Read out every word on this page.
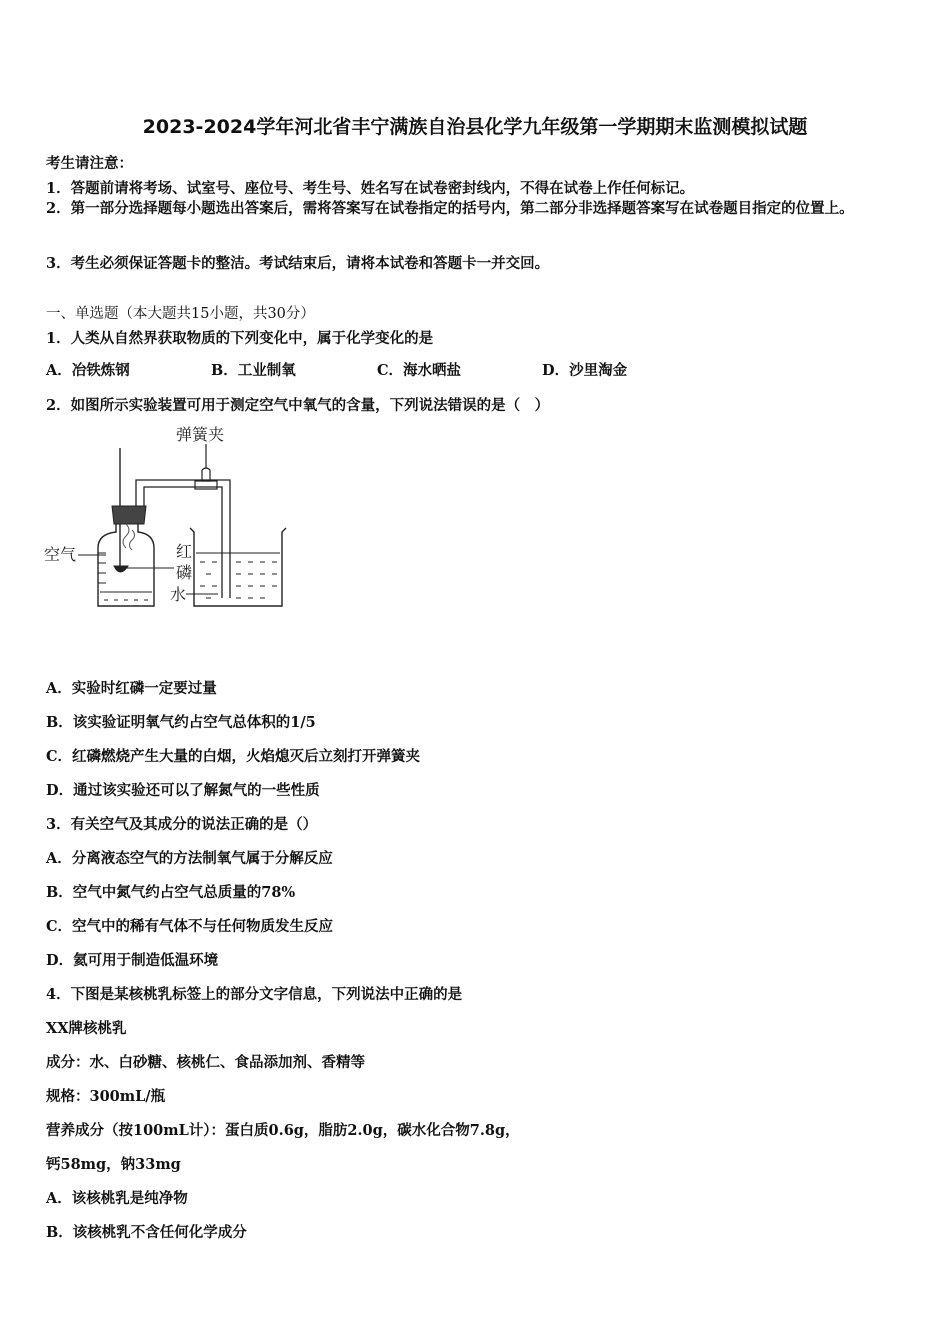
2023-2024学年河北省丰宁满族自治县化学九年级第一学期期末监测模拟试题
考生请注意：
1．答题前请将考场、试室号、座位号、考生号、姓名写在试卷密封线内，不得在试卷上作任何标记。
2．第一部分选择题每小题选出答案后，需将答案写在试卷指定的括号内，第二部分非选择题答案写在试卷题目指定的位置上。
3．考生必须保证答题卡的整洁。考试结束后，请将本试卷和答题卡一并交回。
一、单选题（本大题共15小题，共30分）
1．人类从自然界获取物质的下列变化中，属于化学变化的是
A．冶铁炼钢	B．工业制氧	C．海水晒盐	D．沙里淘金
2．如图所示实验装置可用于测定空气中氧气的含量，下列说法错误的是（　）
弹簧夹
空气	红
磷
水
A．实验时红磷一定要过量
B．该实验证明氧气约占空气总体积的1/5
C．红磷燃烧产生大量的白烟，火焰熄灭后立刻打开弹簧夹
D．通过该实验还可以了解氮气的一些性质
3．有关空气及其成分的说法正确的是（）
A．分离液态空气的方法制氧气属于分解反应
B．空气中氮气约占空气总质量的78%
C．空气中的稀有气体不与任何物质发生反应
D．氦可用于制造低温环境
4．下图是某核桃乳标签上的部分文字信息，下列说法中正确的是
XX牌核桃乳
成分：水、白砂糖、核桃仁、食品添加剂、香精等
规格：300mL/瓶
营养成分（按100mL计）：蛋白质0.6g，脂肪2.0g，碳水化合物7.8g，
钙58mg，钠33mg
A．该核桃乳是纯净物
B．该核桃乳不含任何化学成分
